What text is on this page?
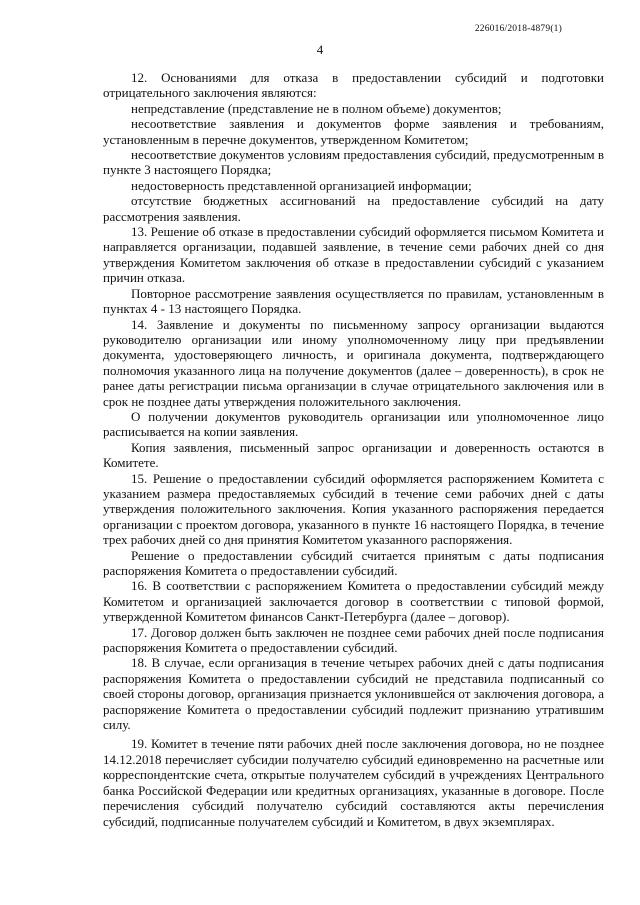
226016/2018-4879(1)
4

12. Основаниями для отказа в предоставлении субсидий и подготовки отрицательного заключения являются:

непредставление (представление не в полном объеме) документов;

несоответствие заявления и документов форме заявления и требованиям, установленным в перечне документов, утвержденном Комитетом;

несоответствие документов условиям предоставления субсидий, предусмотренным в пункте 3 настоящего Порядка;

недостоверность представленной организацией информации;

отсутствие бюджетных ассигнований на предоставление субсидий на дату рассмотрения заявления.

13. Решение об отказе в предоставлении субсидий оформляется письмом Комитета и направляется организации, подавшей заявление, в течение семи рабочих дней со дня утверждения Комитетом заключения об отказе в предоставлении субсидий с указанием причин отказа.

Повторное рассмотрение заявления осуществляется по правилам, установленным в пунктах 4 - 13 настоящего Порядка.

14. Заявление и документы по письменному запросу организации выдаются руководителю организации или иному уполномоченному лицу при предъявлении документа, удостоверяющего личность, и оригинала документа, подтверждающего полномочия указанного лица на получение документов (далее – доверенность), в срок не ранее даты регистрации письма организации в случае отрицательного заключения или в срок не позднее даты утверждения положительного заключения.

О получении документов руководитель организации или уполномоченное лицо расписывается на копии заявления.

Копия заявления, письменный запрос организации и доверенность остаются в Комитете.

15. Решение о предоставлении субсидий оформляется распоряжением Комитета с указанием размера предоставляемых субсидий в течение семи рабочих дней с даты утверждения положительного заключения. Копия указанного распоряжения передается организации с проектом договора, указанного в пункте 16 настоящего Порядка, в течение трех рабочих дней со дня принятия Комитетом указанного распоряжения.

Решение о предоставлении субсидий считается принятым с даты подписания распоряжения Комитета о предоставлении субсидий.

16. В соответствии с распоряжением Комитета о предоставлении субсидий между Комитетом и организацией заключается договор в соответствии с типовой формой, утвержденной Комитетом финансов Санкт-Петербурга (далее – договор).

17. Договор должен быть заключен не позднее семи рабочих дней после подписания распоряжения Комитета о предоставлении субсидий.

18. В случае, если организация в течение четырех рабочих дней с даты подписания распоряжения Комитета о предоставлении субсидий не представила подписанный со своей стороны договор, организация признается уклонившейся от заключения договора, а распоряжение Комитета о предоставлении субсидий подлежит признанию утратившим силу.

19. Комитет в течение пяти рабочих дней после заключения договора, но не позднее 14.12.2018 перечисляет субсидии получателю субсидий единовременно на расчетные или корреспондентские счета, открытые получателем субсидий в учреждениях Центрального банка Российской Федерации или кредитных организациях, указанные в договоре. После перечисления субсидий получателю субсидий составляются акты перечисления субсидий, подписанные получателем субсидий и Комитетом, в двух экземплярах.
